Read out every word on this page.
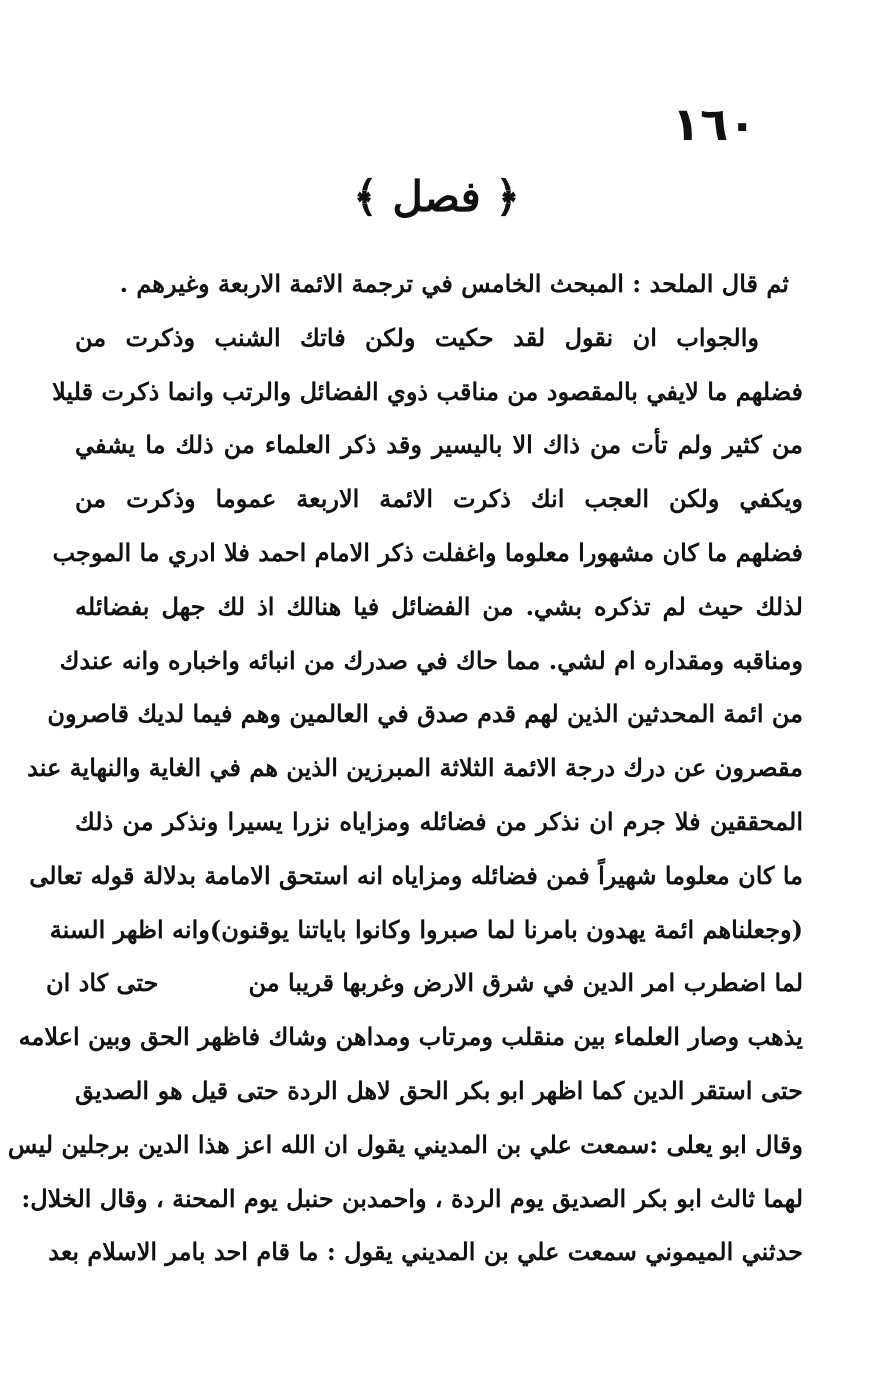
١٦٠
﴿ فصل ﴾
ثم قال الملحد : المبحث الخامس في ترجمة الائمة الاربعة وغيرهم .
والجواب ان نقول لقد حكيت ولكن فاتك الشنب وذكرت من
فضلهم ما لايفي بالمقصود من مناقب ذوي الفضائل والرتب وانما ذكرت قليلا
من كثير ولم تأت من ذاك الا باليسير وقد ذكر العلماء من ذلك ما يشفي
ويكفي ولكن العجب انك ذكرت الائمة الاربعة عموما وذكرت من
فضلهم ما كان مشهورا معلوما واغفلت ذكر الامام احمد فلا ادري ما الموجب
لذلك حيث لم تذكره بشي. من الفضائل فيا هنالك اذ لك جهل بفضائله
ومناقبه ومقداره ام لشي. مما حاك في صدرك من انبائه واخباره وانه عندك
من ائمة المحدثين الذين لهم قدم صدق في العالمين وهم فيما لديك قاصرون
مقصرون عن درك درجة الائمة الثلاثة المبرزين الذين هم في الغاية والنهاية عند
المحققين فلا جرم ان نذكر من فضائله ومزاياه نزرا يسيرا ونذكر من ذلك
ما كان معلوما شهيراً فمن فضائله ومزاياه انه استحق الامامة بدلالة قوله تعالى
(وجعلناهم ائمة يهدون بامرنا لما صبروا وكانوا باياتنا يوقنون)وانه اظهر السنة
لما اضطرب امر الدين في شرق الارض وغربها قريبا منحتى كاد ان
يذهب وصار العلماء بين منقلب ومرتاب ومداهن وشاك فاظهر الحق وبين اعلامه
حتى استقر الدين كما اظهر ابو بكر الحق لاهل الردة حتى قيل هو الصديق
وقال ابو يعلى :سمعت علي بن المديني يقول ان الله اعز هذا الدين برجلين ليس
لهما ثالث ابو بكر الصديق يوم الردة ، واحمدبن حنبل يوم المحنة ، وقال الخلال:
حدثني الميموني سمعت علي بن المديني يقول : ما قام احد بامر الاسلام بعد
